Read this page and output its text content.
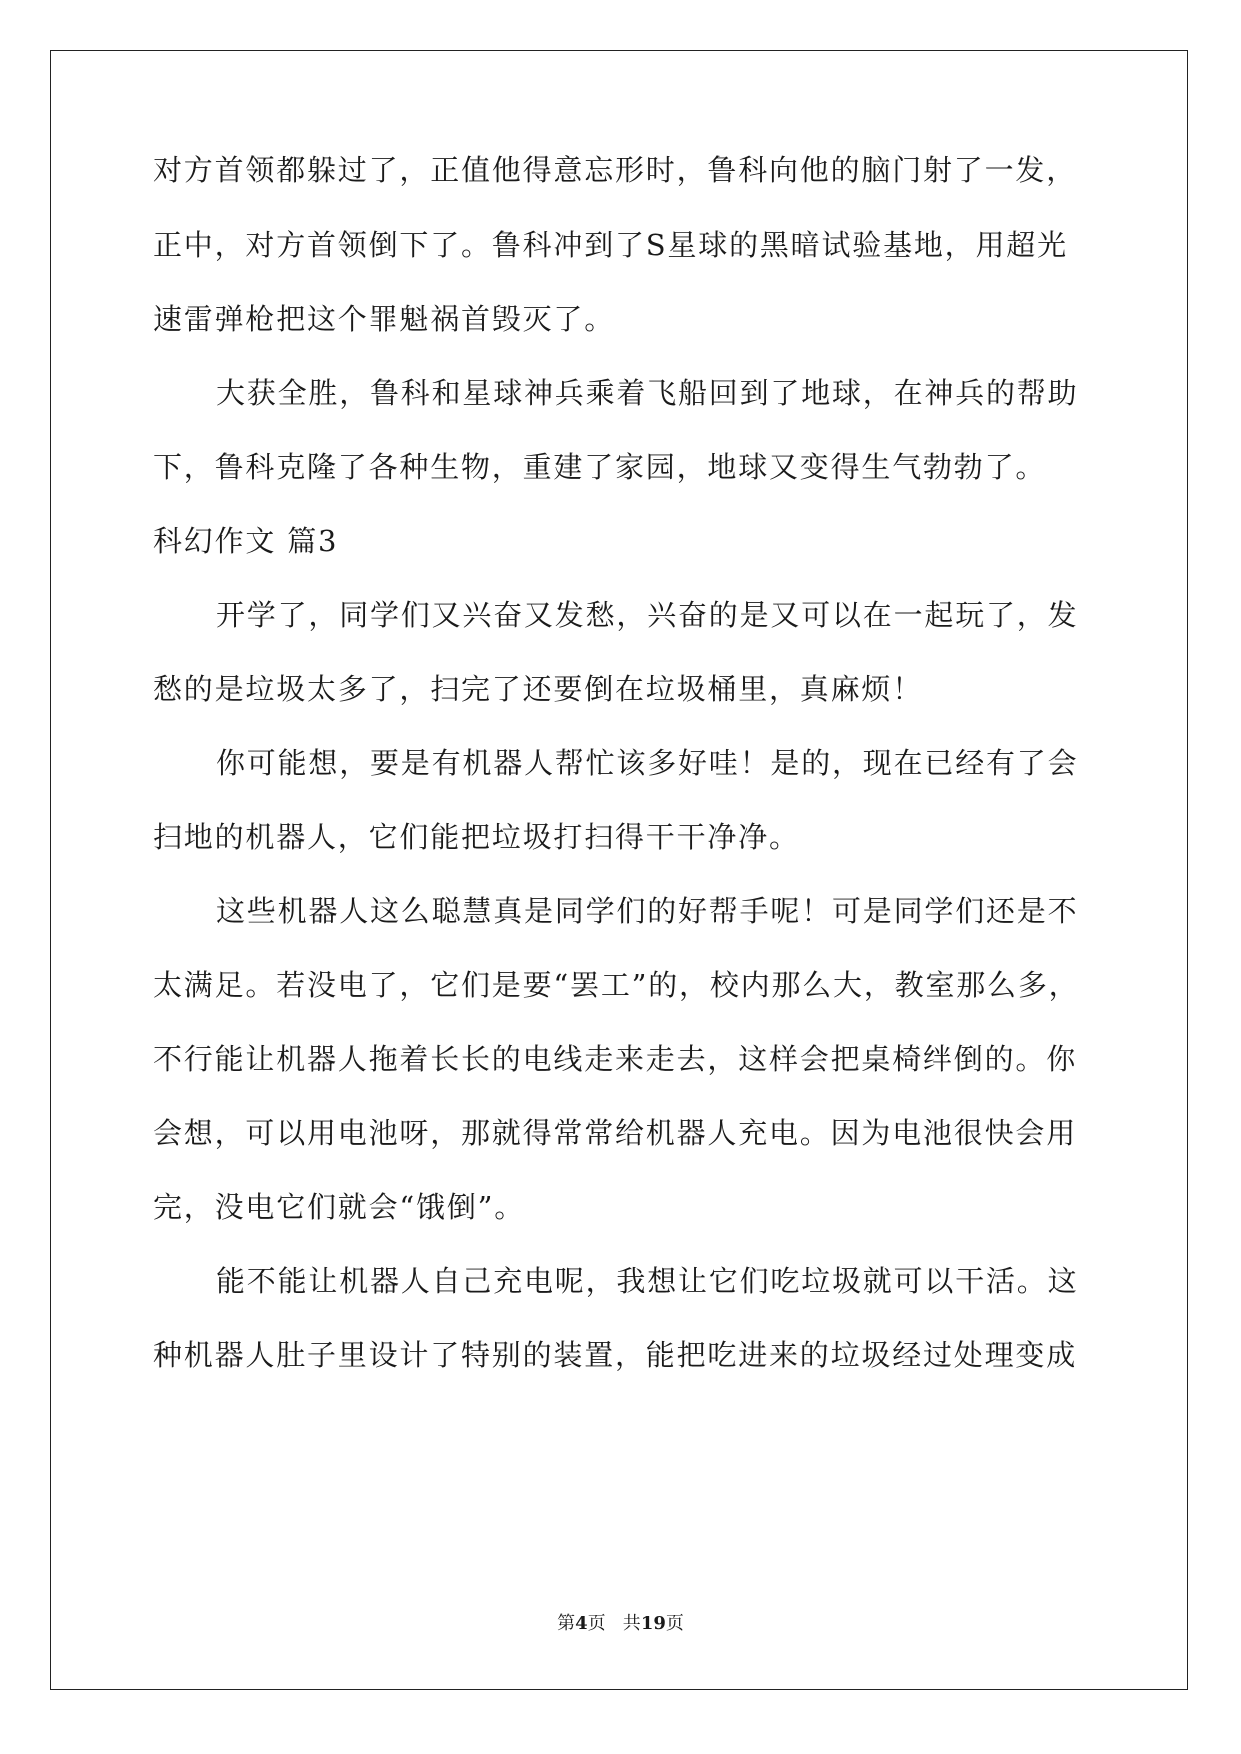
对方首领都躲过了，正值他得意忘形时，鲁科向他的脑门射了一发，
正中，对方首领倒下了。鲁科冲到了S星球的黑暗试验基地，用超光
速雷弹枪把这个罪魁祸首毁灭了。
大获全胜，鲁科和星球神兵乘着飞船回到了地球，在神兵的帮助
下，鲁科克隆了各种生物，重建了家园，地球又变得生气勃勃了。
科幻作文 篇3
开学了，同学们又兴奋又发愁，兴奋的是又可以在一起玩了，发
愁的是垃圾太多了，扫完了还要倒在垃圾桶里，真麻烦！
你可能想，要是有机器人帮忙该多好哇！是的，现在已经有了会
扫地的机器人，它们能把垃圾打扫得干干净净。
这些机器人这么聪慧真是同学们的好帮手呢！可是同学们还是不
太满足。若没电了，它们是要“罢工”的，校内那么大，教室那么多，
不行能让机器人拖着长长的电线走来走去，这样会把桌椅绊倒的。你
会想，可以用电池呀，那就得常常给机器人充电。因为电池很快会用
完，没电它们就会“饿倒”。
能不能让机器人自己充电呢，我想让它们吃垃圾就可以干活。这
种机器人肚子里设计了特别的装置，能把吃进来的垃圾经过处理变成
第4页   共19页
